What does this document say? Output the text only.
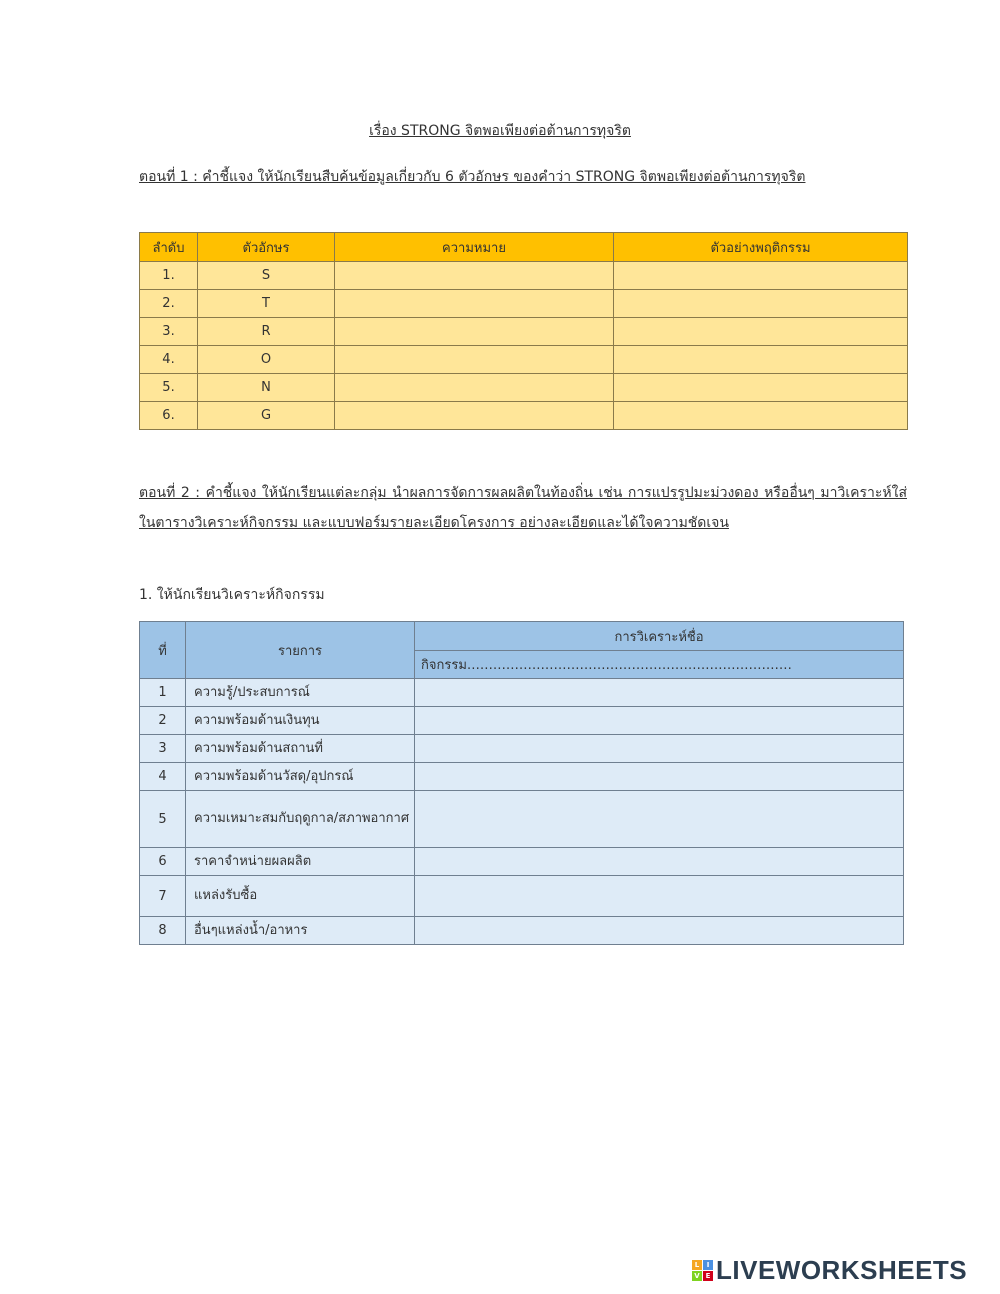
เรื่อง STRONG จิตพอเพียงต่อต้านการทุจริต
ตอนที่ 1 : คำชี้แจง ให้นักเรียนสืบค้นข้อมูลเกี่ยวกับ 6 ตัวอักษร ของคำว่า STRONG จิตพอเพียงต่อต้านการทุจริต
ลำดับ	ตัวอักษร	ความหมาย	ตัวอย่างพฤติกรรม
1.	S		
2.	T		
3.	R		
4.	O		
5.	N		
6.	G		
ตอนที่ 2 : คำชี้แจง ให้นักเรียนแต่ละกลุ่ม นำผลการจัดการผลผลิตในท้องถิ่น เช่น การแปรรูปมะม่วงดอง หรืออื่นๆ มาวิเคราะห์ใส่ในตารางวิเคราะห์กิจกรรม และแบบฟอร์มรายละเอียดโครงการ อย่างละเอียดและได้ใจความชัดเจน
1. ให้นักเรียนวิเคราะห์กิจกรรม
ที่	รายการ	การวิเคราะห์ชื่อ
		กิจกรรม…………………………………………………………………
1	ความรู้/ประสบการณ์	
2	ความพร้อมด้านเงินทุน	
3	ความพร้อมด้านสถานที่	
4	ความพร้อมด้านวัสดุ/อุปกรณ์	
5	ความเหมาะสมกับฤดูกาล/สภาพอากาศ	
6	ราคาจำหน่ายผลผลิต	
7	แหล่งรับซื้อ	
8	อื่นๆแหล่งน้ำ/อาหาร	
L	I
V E LIVEWORKSHEETS
